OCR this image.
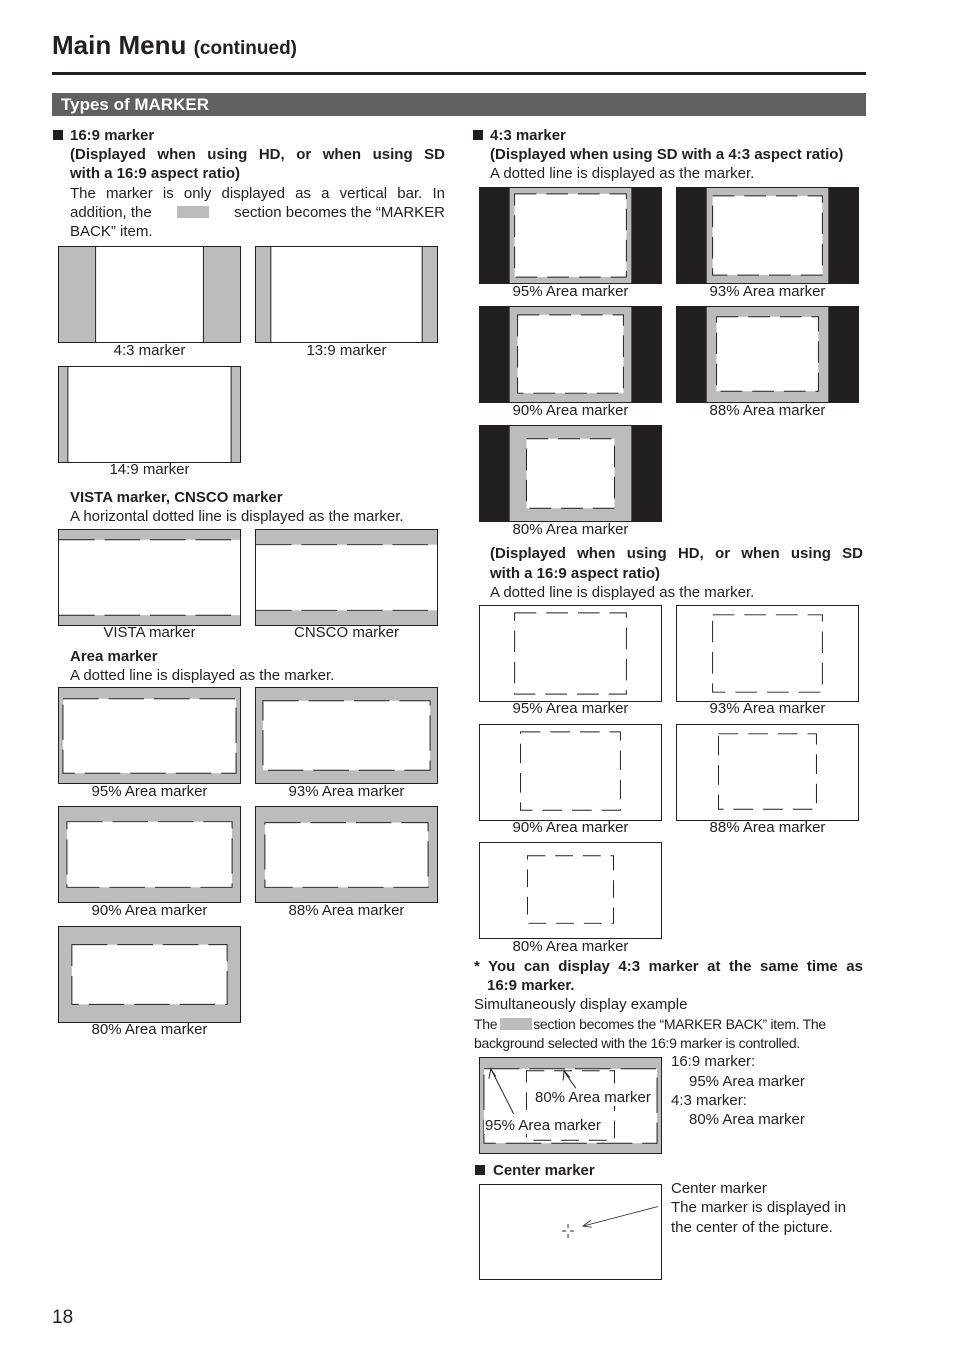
Main Menu (continued)
Types of MARKER
16:9 marker
(Displayed when using HD, or when using SD
with a 16:9 aspect ratio)
The marker is only displayed as a vertical bar. In
addition, the	section becomes the “MARKER
BACK” item.
4:3 marker	13:9 marker
14:9 marker
VISTA marker, CNSCO marker
A horizontal dotted line is displayed as the marker.
VISTA marker	CNSCO marker
Area marker
A dotted line is displayed as the marker.
95% Area marker	93% Area marker
90% Area marker	88% Area marker
80% Area marker
4:3 marker
(Displayed when using SD with a 4:3 aspect ratio)
A dotted line is displayed as the marker.
95% Area marker	93% Area marker
90% Area marker	88% Area marker
80% Area marker
(Displayed when using HD, or when using SD
with a 16:9 aspect ratio)
A dotted line is displayed as the marker.
95% Area marker	93% Area marker
90% Area marker	88% Area marker
80% Area marker
* You can display 4:3 marker at the same time as
16:9 marker.
Simultaneously display example
The	section becomes the “MARKER BACK” item. The
background selected with the 16:9 marker is controlled.
80% Area marker
95% Area marker
16:9 marker:
95% Area marker
4:3 marker:
80% Area marker
Center marker
Center marker
The marker is displayed in
the center of the picture.
18
